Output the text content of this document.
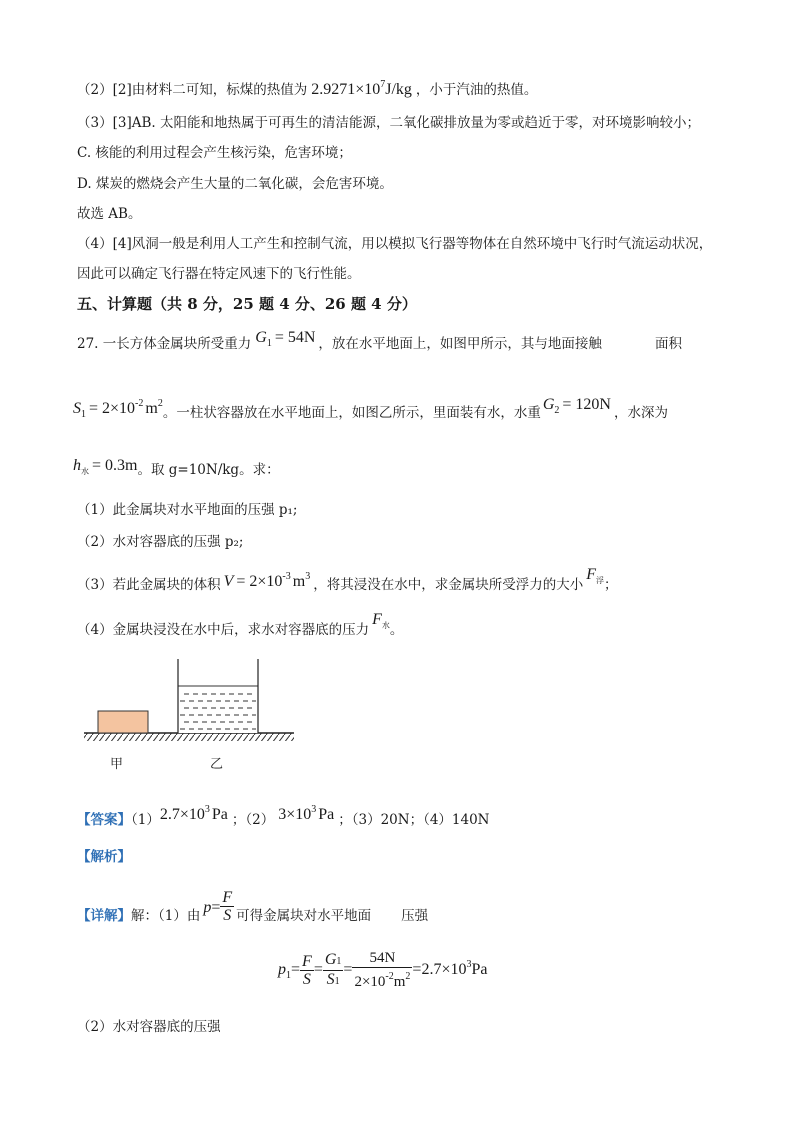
（2）[2]由材料二可知，标煤的热值为 $2.9271\times 10^7J/kg$ ，小于汽油的热值。
（3）[3]AB. 太阳能和地热属于可再生的清洁能源，二氧化碳排放量为零或趋近于零，对环境影响较小；
C. 核能的利用过程会产生核污染，危害环境；
D. 煤炭的燃烧会产生大量的二氧化碳，会危害环境。
故选 AB。
（4）[4]风洞一般是利用人工产生和控制气流，用以模拟飞行器等物体在自然环境中飞行时气流运动状况，
因此可以确定飞行器在特定风速下的飞行性能。
五、计算题（共 8 分，25 题 4 分、26 题 4 分）
27. 一长方体金属块所受重力 $G_1 = 54N$ ，放在水平地面上，如图甲所示，其与地面接触	面积
$S_1 = 2\times 10^{-2}$ $m^2$。一柱状容器放在水平地面上，如图乙所示，里面装有水，水重 $G_2 = 120N$ ，水深为
$h_水 = 0.3m$。取 g=10N/kg。求：
（1）此金属块对水平地面的压强 p₁;
（2）水对容器底的压强 p₂;
（3）若此金属块的体积 $V = 2\times 10^{-3}$ $m^3$，将其浸没在水中，求金属块所受浮力的大小$F_浮$；
（4）金属块浸没在水中后，求水对容器底的压力$F_水$。
甲	乙
【答案】$(1)2.7\times 10^3$ Pa ；（2） $3\times 10^3$ Pa ；（3）20N；（4）140N
【解析】
【详解】解：（1）由 $p= \frac{F}{S}$ 可得金属块对水平地面 压强
$p_1= \frac{F}{S} = \frac{G1}{S1} = \frac{54N}{2\times 10^{-2}m^2} =2.7\times 10^3Pa$
（2）水对容器底的压强
